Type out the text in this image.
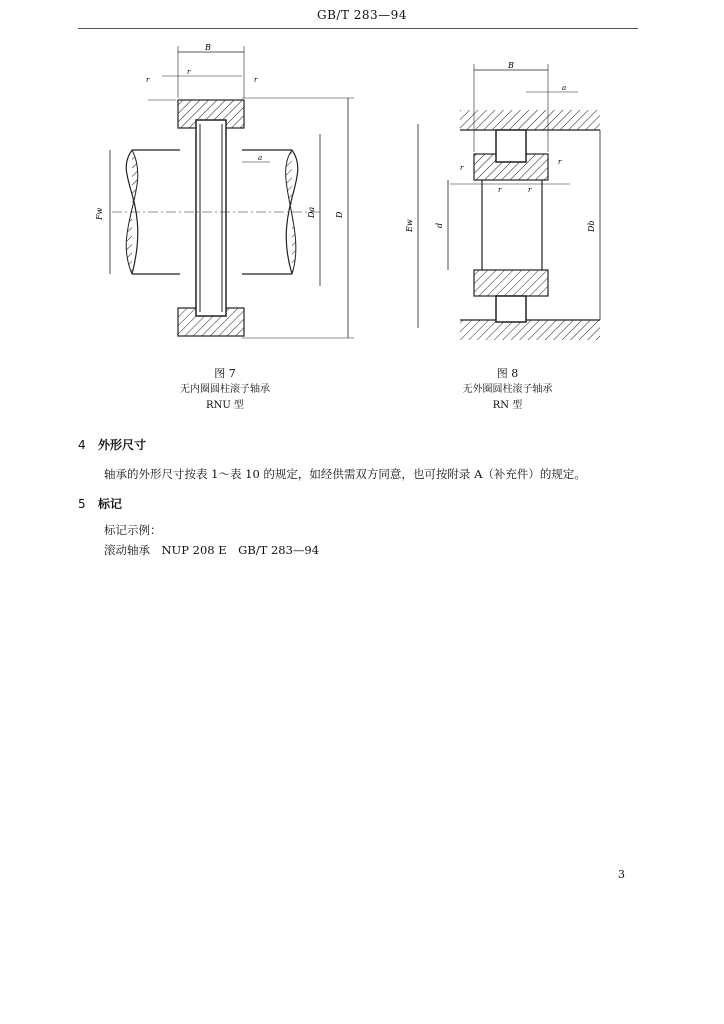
GB/T 283—94
B
r
r	r
a
Fw	Da D
B
a
r
r
r	r
Ew	d	Db
图 7
无内圈圆柱滚子轴承
RNU 型
图 8
无外圈圆柱滚子轴承
RN 型
4 外形尺寸
轴承的外形尺寸按表 1～表 10 的规定，如经供需双方同意，也可按附录 A（补充件）的规定。
5 标记
标记示例：
滚动轴承　NUP 208 E　GB/T 283—94
3
